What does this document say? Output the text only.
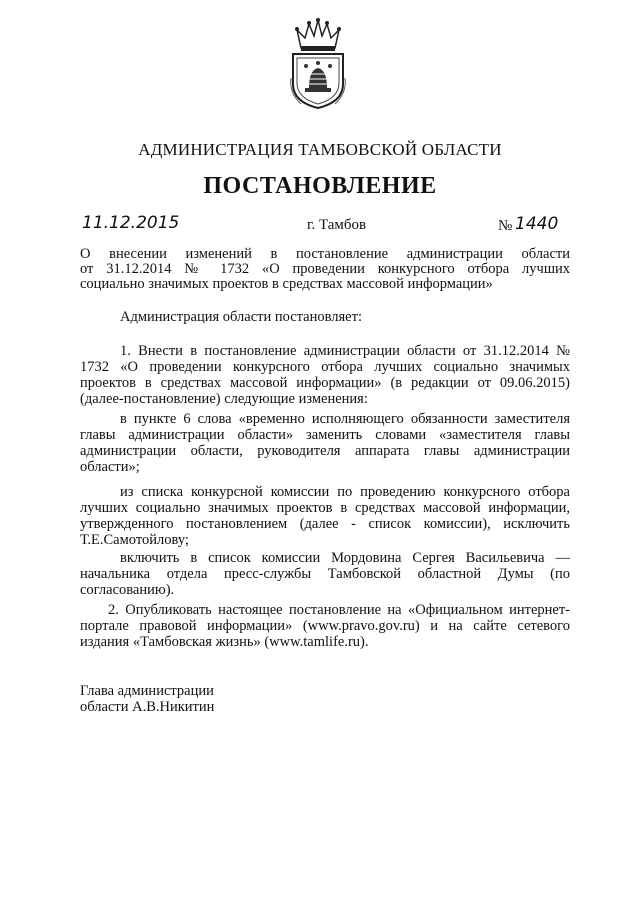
АДМИНИСТРАЦИЯ ТАМБОВСКОЙ ОБЛАСТИ
ПОСТАНОВЛЕНИЕ
11.12.2015	г. Тамбов	№ 1440
О внесении изменений в постановление администрации области
от 31.12.2014 № 1732 «О проведении конкурсного отбора лучших
социально значимых проектов в средствах массовой информации»
Администрация области постановляет:
1. Внести в постановление администрации области от 31.12.2014 № 1732 «О проведении конкурсного отбора лучших социально значимых проектов в средствах массовой информации» (в редакции от 09.06.2015) (далее-постановление) следующие изменения:
в пункте 6 слова «временно исполняющего обязанности заместителя главы администрации области» заменить словами «заместителя главы администрации области, руководителя аппарата главы администрации области»;
из списка конкурсной комиссии по проведению конкурсного отбора лучших социально значимых проектов в средствах массовой информации, утвержденного постановлением (далее - список комиссии), исключить Т.Е.Самотойлову;
включить в список комиссии Мордовина Сергея Васильевича — начальника отдела пресс-службы Тамбовской областной Думы (по согласованию).
2. Опубликовать настоящее постановление на «Официальном интернет-портале правовой информации» (www.pravo.gov.ru) и на сайте сетевого издания «Тамбовская жизнь» (www.tamlife.ru).
Глава администрации
области А.В.Никитин
